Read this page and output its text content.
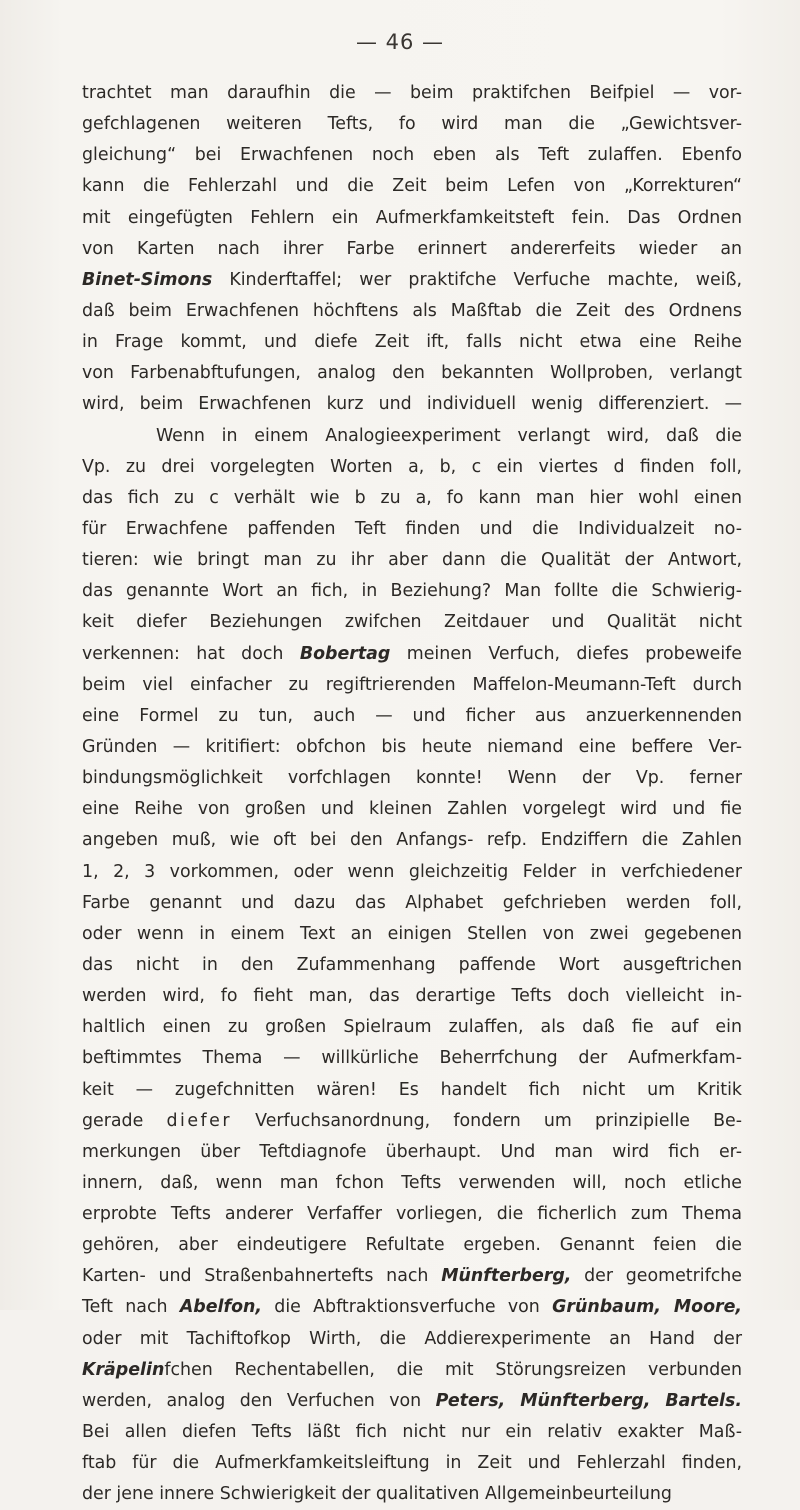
— 46 —
trachtet man daraufhin die — beim praktifchen Beifpiel — vor-
gefchlagenen weiteren Tefts, fo wird man die „Gewichtsver-
gleichung“ bei Erwachfenen noch eben als Teft zulaffen. Ebenfo
kann die Fehlerzahl und die Zeit beim Lefen von „Korrekturen“
mit eingefügten Fehlern ein Aufmerkfamkeitsteft fein. Das Ordnen
von Karten nach ihrer Farbe erinnert andererfeits wieder an
Binet-Simons Kinderftaffel; wer praktifche Verfuche machte, weiß,
daß beim Erwachfenen höchftens als Maßftab die Zeit des Ordnens
in Frage kommt, und diefe Zeit ift, falls nicht etwa eine Reihe
von Farbenabftufungen, analog den bekannten Wollproben, verlangt
wird, beim Erwachfenen kurz und individuell wenig differenziert. —
Wenn in einem Analogieexperiment verlangt wird, daß die
Vp. zu drei vorgelegten Worten a, b, c ein viertes d finden foll,
das fich zu c verhält wie b zu a, fo kann man hier wohl einen
für Erwachfene paffenden Teft finden und die Individualzeit no-
tieren: wie bringt man zu ihr aber dann die Qualität der Antwort,
das genannte Wort an fich, in Beziehung? Man follte die Schwierig-
keit diefer Beziehungen zwifchen Zeitdauer und Qualität nicht
verkennen: hat doch Bobertag meinen Verfuch, diefes probeweife
beim viel einfacher zu regiftrierenden Maffelon-Meumann-Teft durch
eine Formel zu tun, auch — und ficher aus anzuerkennenden
Gründen — kritifiert: obfchon bis heute niemand eine beffere Ver-
bindungsmöglichkeit vorfchlagen konnte! Wenn der Vp. ferner
eine Reihe von großen und kleinen Zahlen vorgelegt wird und fie
angeben muß, wie oft bei den Anfangs- refp. Endziffern die Zahlen
1, 2, 3 vorkommen, oder wenn gleichzeitig Felder in verfchiedener
Farbe genannt und dazu das Alphabet gefchrieben werden foll,
oder wenn in einem Text an einigen Stellen von zwei gegebenen
das nicht in den Zufammenhang paffende Wort ausgeftrichen
werden wird, fo fieht man, das derartige Tefts doch vielleicht in-
haltlich einen zu großen Spielraum zulaffen, als daß fie auf ein
beftimmtes Thema — willkürliche Beherrfchung der Aufmerkfam-
keit — zugefchnitten wären! Es handelt fich nicht um Kritik
gerade diefer Verfuchsanordnung, fondern um prinzipielle Be-
merkungen über Teftdiagnofe überhaupt. Und man wird fich er-
innern, daß, wenn man fchon Tefts verwenden will, noch etliche
erprobte Tefts anderer Verfaffer vorliegen, die ficherlich zum Thema
gehören, aber eindeutigere Refultate ergeben. Genannt feien die
Karten- und Straßenbahnertefts nach Münfterberg, der geometrifche
Teft nach Abelfon, die Abftraktionsverfuche von Grünbaum, Moore,
oder mit Tachiftofkop Wirth, die Addierexperimente an Hand der
Kräpelinfchen Rechentabellen, die mit Störungsreizen verbunden
werden, analog den Verfuchen von Peters, Münfterberg, Bartels.
Bei allen diefen Tefts läßt fich nicht nur ein relativ exakter Maß-
ftab für die Aufmerkfamkeitsleiftung in Zeit und Fehlerzahl finden,
der jene innere Schwierigkeit der qualitativen Allgemeinbeurteilung
